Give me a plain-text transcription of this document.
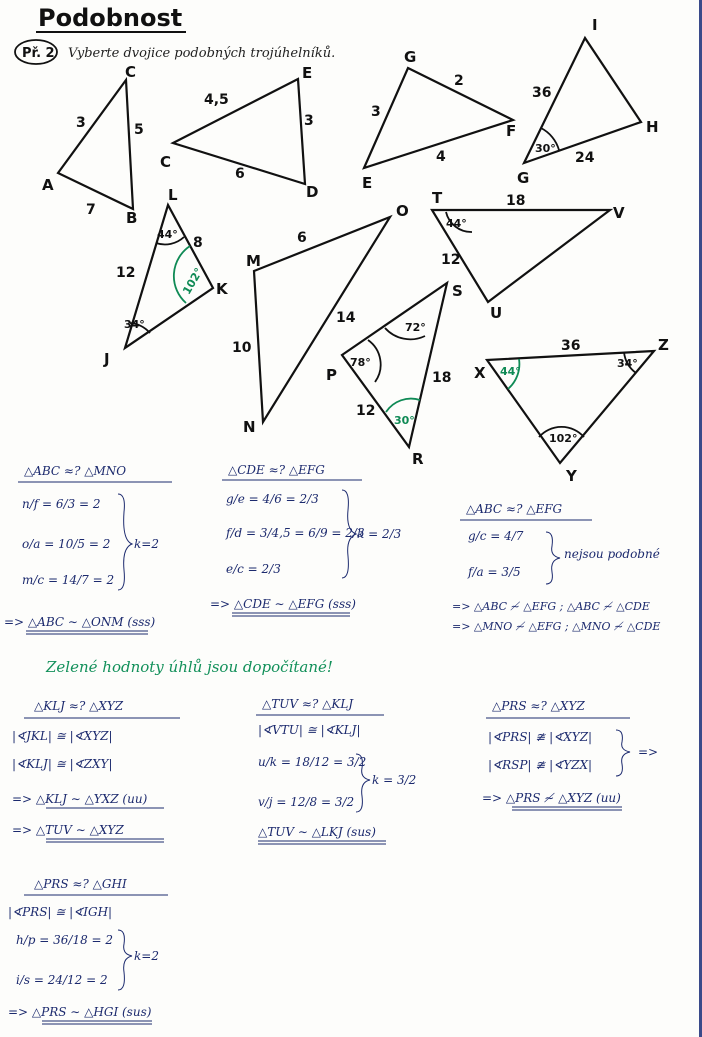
Podobnost
Př. 2 Vyberte dvojice podobných trojúhelníků.
A
B
C
3	5
7
C
D
E
4,5
3
6	E
F
G
3
2
4
30°
G
H
I
36
24
44°
102°
34°
J
K
L
12
8
M
N
O
6
14
10
44°
T
U
V
18
12
72°
78°
30°
P
R
S
18
12
44°
34°
102°
X
Y
Z
36
△ABC ≈? △MNO
n/f = 6/3 = 2
o/a = 10/5 = 2
m/c = 14/7 = 2
k=2
=> △ABC ∼ △ONM (sss)
△CDE ≈? △EFG
g/e = 4/6 = 2/3
f/d = 3/4,5 = 6/9 = 2/3
e/c = 2/3
k = 2/3
=> △CDE ∼ △EFG (sss)
△ABC ≈? △EFG
g/c = 4/7
f/a = 3/5
nejsou podobné
=> △ABC ≁ △EFG ; △ABC ≁ △CDE
=> △MNO ≁ △EFG ; △MNO ≁ △CDE
Zelené hodnoty úhlů jsou dopočítané!
△KLJ ≈? △XYZ
|∢JKL| ≅ |∢XYZ|
|∢KLJ| ≅ |∢ZXY|
=> △KLJ ∼ △YXZ (uu)
=> △TUV ∼ △XYZ
△TUV ≈? △KLJ
|∢VTU| ≅ |∢KLJ|
u/k = 18/12 = 3/2
v/j = 12/8 = 3/2
k = 3/2
△TUV ∼ △LKJ (sus)
△PRS ≈? △XYZ
|∢PRS| ≇ |∢XYZ|
|∢RSP| ≇ |∢YZX|
=>
=> △PRS ≁ △XYZ (uu)
△PRS ≈? △GHI
|∢PRS| ≅ |∢IGH|
h/p = 36/18 = 2
i/s = 24/12 = 2
k=2
=> △PRS ∼ △HGI (sus)
